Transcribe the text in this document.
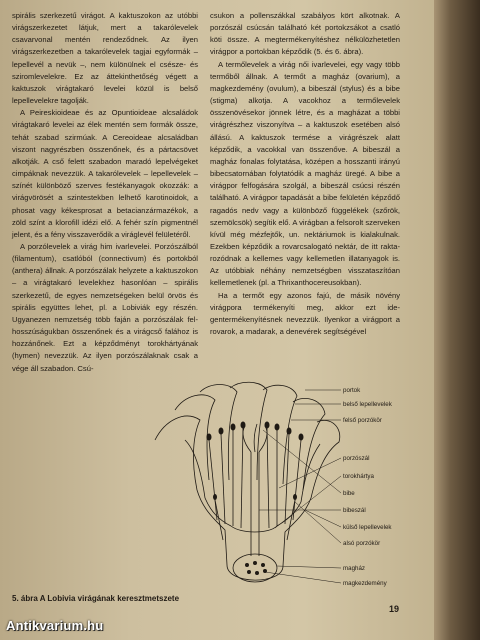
spirális szerkezetű virágot. A kaktuszokon az utóbbi virágszerkezetet látjuk, mert a takarólevelek csavarvonal mentén rendeződnek. Az ilyen virágszerkezetben a takarólevelek tagjai egyformák – lepellevél a nevük –, nem különülnek el csésze- és sziromlevelekre. Ez az áttekinthetőség végett a kaktuszok virágtakaró levelei közül is belső lepellevelekre tagolják.

A Peireskioideae és az Opuntioideae alcsaládok virágtakaró levelei az élek mentén sem formák össze, tehát szabad szirmúak. A Cereoideae alcsaládban viszont nagyrészben összenőnek, és a pártacsövet alkotják. A cső felett szabadon maradó lepelvégeket cimpáknak nevezzük. A takarólevelek – lepellevelek – színét különböző szerves festékanyagok okozzák: a virágvörösét a szintestekben lelhető karotinoidok, a phosat vagy kékesprosat a betacianzármazékok, a zöld színt a klorofill idézi elő. A fehér szín pigmentnél jelent, és a fény visszaverődik a viráglevél felületéről.

A porzólevelek a virág him ivarlevelei. Porzószálból (filamentum), csatlóból (connectivum) és portokból (anthera) állnak. A porzószálak helyzete a kaktuszokon – a virágtakaró levelekhez hasonlóan – spirális szerkezetű, de egyes nemzetségeken belül örvös és spirális együttes lehet, pl. a Lobiviák egy részén. Ugyanezen nemzetség több faján a porzószálak felhosszúságukban összenőnek és a virágcső falához is hozzánőnek. Ezt a képződményt torokhártyának (hymen) nevezzük. Az ilyen porzószálaknak csak a vége áll szabadon. Csú-

csukon a pollenszákkal szabályos kört alkotnak. A porzószál csúcsán található két portokzsákot a csatló köti össze. A megtermékenyítéshez nélkülözhetetlen virágpor a portokban képződik (5. és 6. ábra).

A termőlevelek a virág női ivarlevelei, egy vagy több termőből állnak. A termőt a magház (ovarium), a magkezdemény (ovulum), a bibeszál (stylus) és a bibe (stigma) alkotja. A vacokhoz a termőlevelek összenövésekor jönnek létre, és a magházat a többi virágrészhez viszonyítva – a kaktuszok esetében alsó állású. A kaktuszok termése a virágrészek alatt képződik, a vacokkal van összenőve. A bibeszál a magház fonalas folytatása, középen a hosszanti irányú bibecsatornában folytatódik a magház üregé. A bibe a virágpor felfogására szolgál, a bibeszál csúcsi részén található. A virágpor tapadását a bibe felületén képződő ragadós nedv vagy a különböző függelékek (szőrök, szemölcsök) segítik elő. A virágban a felsorolt szerveken kívül még mézfejtők, un. nektáriumok is kialakulnak. Ezekben képződik a rovarcsalogató nektár, de itt raktarozódnak a kellemes vagy kellemetlen illatanyagok is. Az utóbbiak néhány nemzetségben visszataszítóan kellemetlenek (pl. a Thrixanthocereusokban).

Ha a termőt egy azonos fajú, de másik növény virágpora termékenyíti meg, akkor ezt idegentermékenyítésnek nevezzük. Ilyenkor a virágport a rovarok, a madarak, a denevérek segítségével

portok
belső lepellevelek
felső porzókör
porzószál
torokhártya
bibe
bibeszál
külső lepellevelek
alsó porzókör
magház
magkezdemény
5. ábra A Lobivia virágának keresztmetszete
19
Antikvarium.hu
